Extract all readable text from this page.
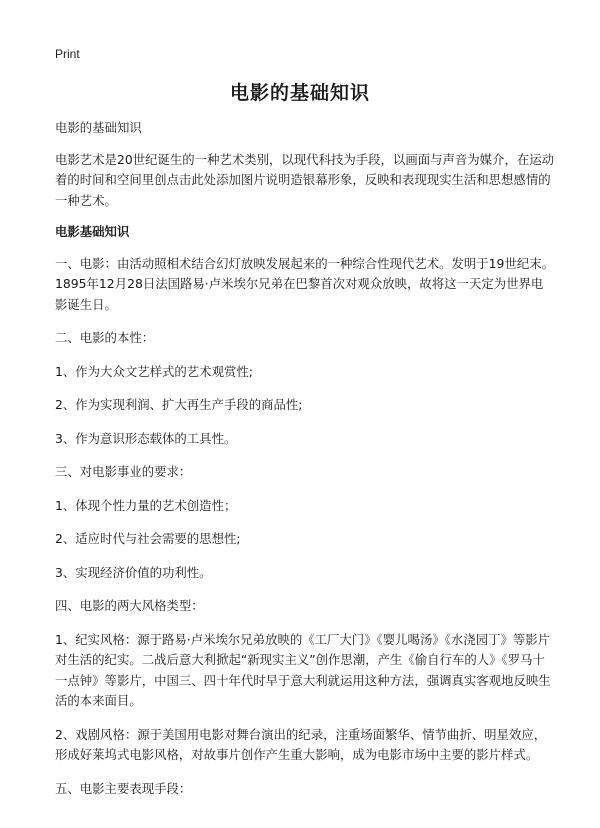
Print
电影的基础知识

电影的基础知识

电影艺术是20世纪诞生的一种艺术类别，以现代科技为手段，以画面与声音为媒介，在运动着的时间和空间里创点击此处添加图片说明造银幕形象，反映和表现现实生活和思想感情的一种艺术。

电影基础知识

一、电影：由活动照相术结合幻灯放映发展起来的一种综合性现代艺术。发明于19世纪末。1895年12月28日法国路易·卢米埃尔兄弟在巴黎首次对观众放映，故将这一天定为世界电影诞生日。

二、电影的本性：

1、作为大众文艺样式的艺术观赏性;

2、作为实现利润、扩大再生产手段的商品性;

3、作为意识形态载体的工具性。

三、对电影事业的要求：

1、体现个性力量的艺术创造性；

2、适应时代与社会需要的思想性;

3、实现经济价值的功利性。

四、电影的两大风格类型：

1、纪实风格：源于路易·卢米埃尔兄弟放映的《工厂大门》《婴儿喝汤》《水浇园丁》等影片对生活的纪实。二战后意大利掀起“新现实主义”创作思潮，产生《偷自行车的人》《罗马十一点钟》等影片，中国三、四十年代时早于意大利就运用这种方法，强调真实客观地反映生活的本来面目。

2、戏剧风格：源于美国用电影对舞台演出的纪录，注重场面繁华、情节曲折、明星效应，形成好莱坞式电影风格，对故事片创作产生重大影响，成为电影市场中主要的影片样式。

五、电影主要表现手段：
